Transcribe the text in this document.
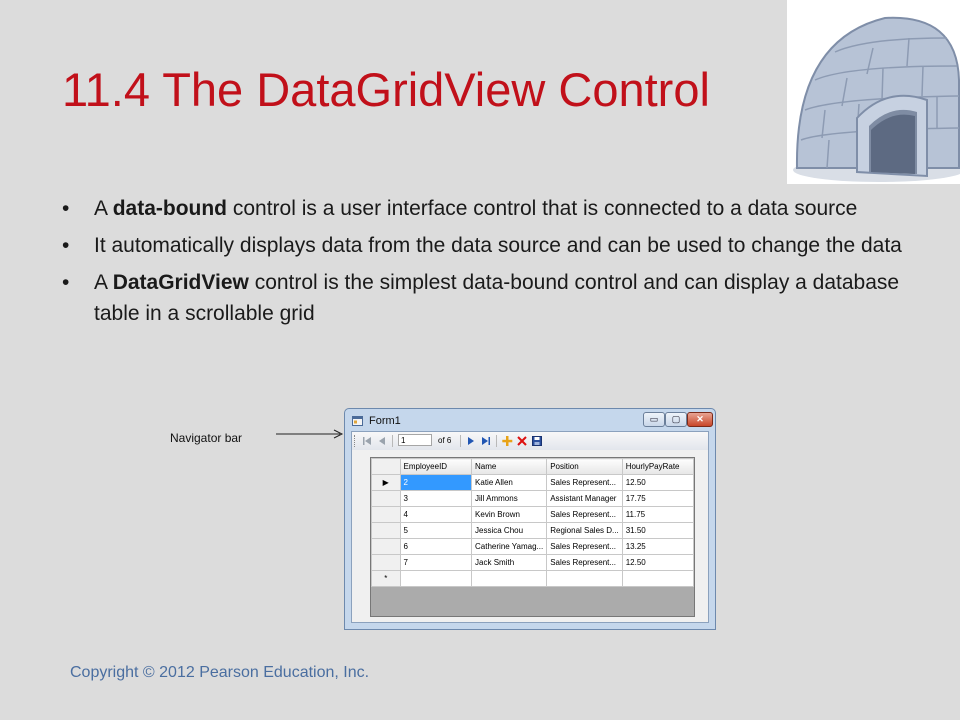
11.4 The DataGridView Control
• A data-bound control is a user interface control that is connected to a data source
• It automatically displays data from the data source and can be used to change the data
• A DataGridView control is the simplest data-bound control and can display a database table in a scrollable grid
Navigator bar
Form1	▭	▢	✕
1	of 6
	EmployeeID	Name	Position	HourlyPayRate
▶	2	Katie Allen	Sales Represent...	12.50
	3	Jill Ammons	Assistant Manager	17.75
	4	Kevin Brown	Sales Represent...	11.75
	5	Jessica Chou	Regional Sales D...	31.50
	6	Catherine Yamag...	Sales Represent...	13.25
	7	Jack Smith	Sales Represent...	12.50
*				
Copyright © 2012 Pearson Education, Inc.
